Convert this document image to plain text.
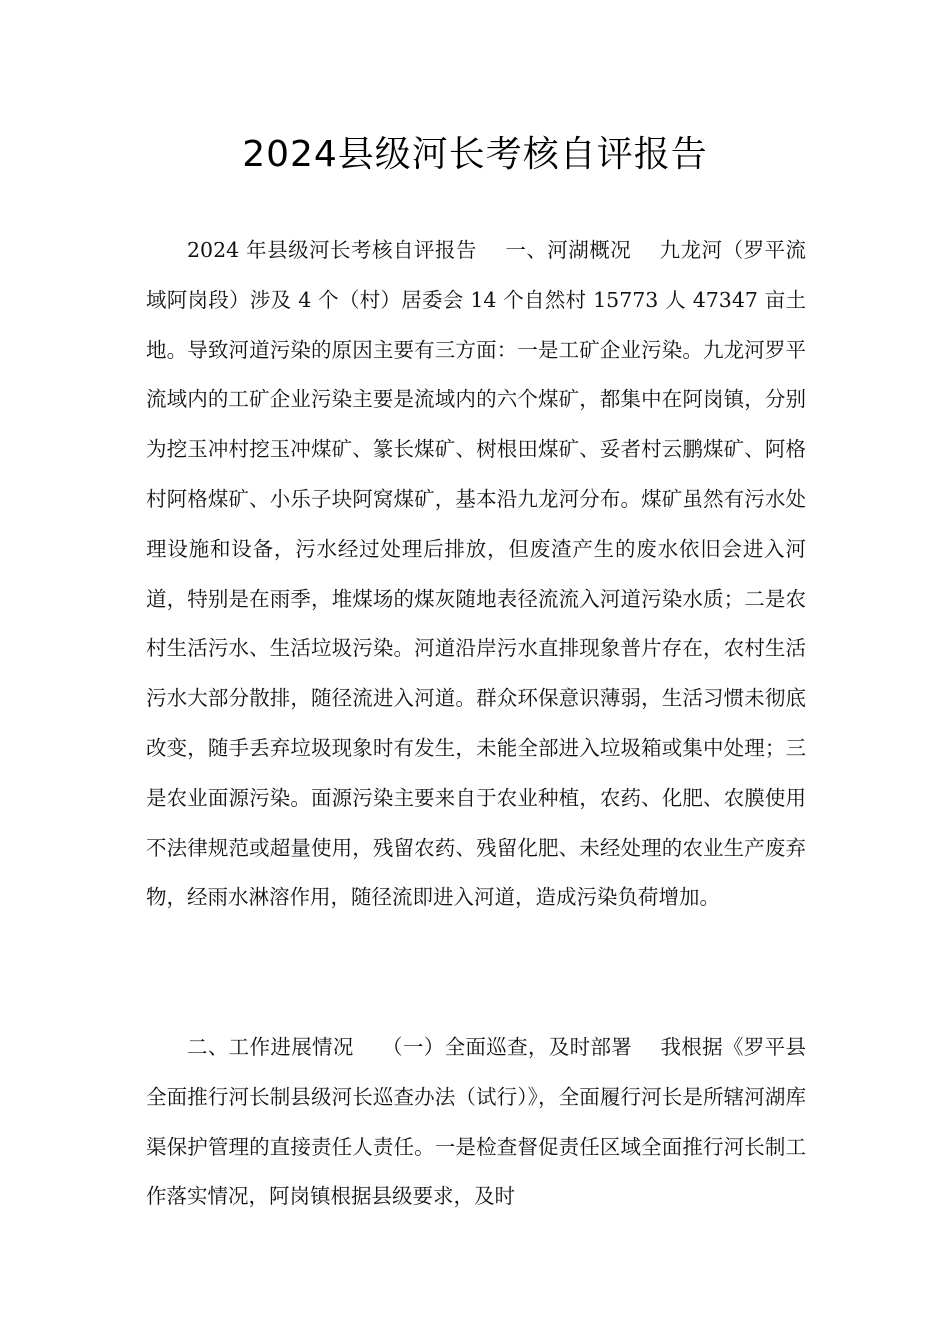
2024县级河长考核自评报告

2024 年县级河长考核自评报告 一、河湖概况 九龙河（罗平流域阿岗段）涉及 4 个（村）居委会 14 个自然村 15773 人 47347 亩土地。导致河道污染的原因主要有三方面：一是工矿企业污染。九龙河罗平流域内的工矿企业污染主要是流域内的六个煤矿，都集中在阿岗镇，分别为挖玉冲村挖玉冲煤矿、篆长煤矿、树根田煤矿、妥者村云鹏煤矿、阿格村阿格煤矿、小乐子块阿窝煤矿，基本沿九龙河分布。煤矿虽然有污水处理设施和设备，污水经过处理后排放，但废渣产生的废水依旧会进入河道，特别是在雨季，堆煤场的煤灰随地表径流流入河道污染水质；二是农村生活污水、生活垃圾污染。河道沿岸污水直排现象普片存在，农村生活污水大部分散排，随径流进入河道。群众环保意识薄弱，生活习惯未彻底改变，随手丢弃垃圾现象时有发生，未能全部进入垃圾箱或集中处理；三是农业面源污染。面源污染主要来自于农业种植，农药、化肥、农膜使用不法律规范或超量使用，残留农药、残留化肥、未经处理的农业生产废弃物，经雨水淋溶作用，随径流即进入河道，造成污染负荷增加。

二、工作进展情况 （一）全面巡查，及时部署 我根据《罗平县全面推行河长制县级河长巡查办法（试行）》，全面履行河长是所辖河湖库渠保护管理的直接责任人责任。一是检查督促责任区域全面推行河长制工作落实情况，阿岗镇根据县级要求，及时
